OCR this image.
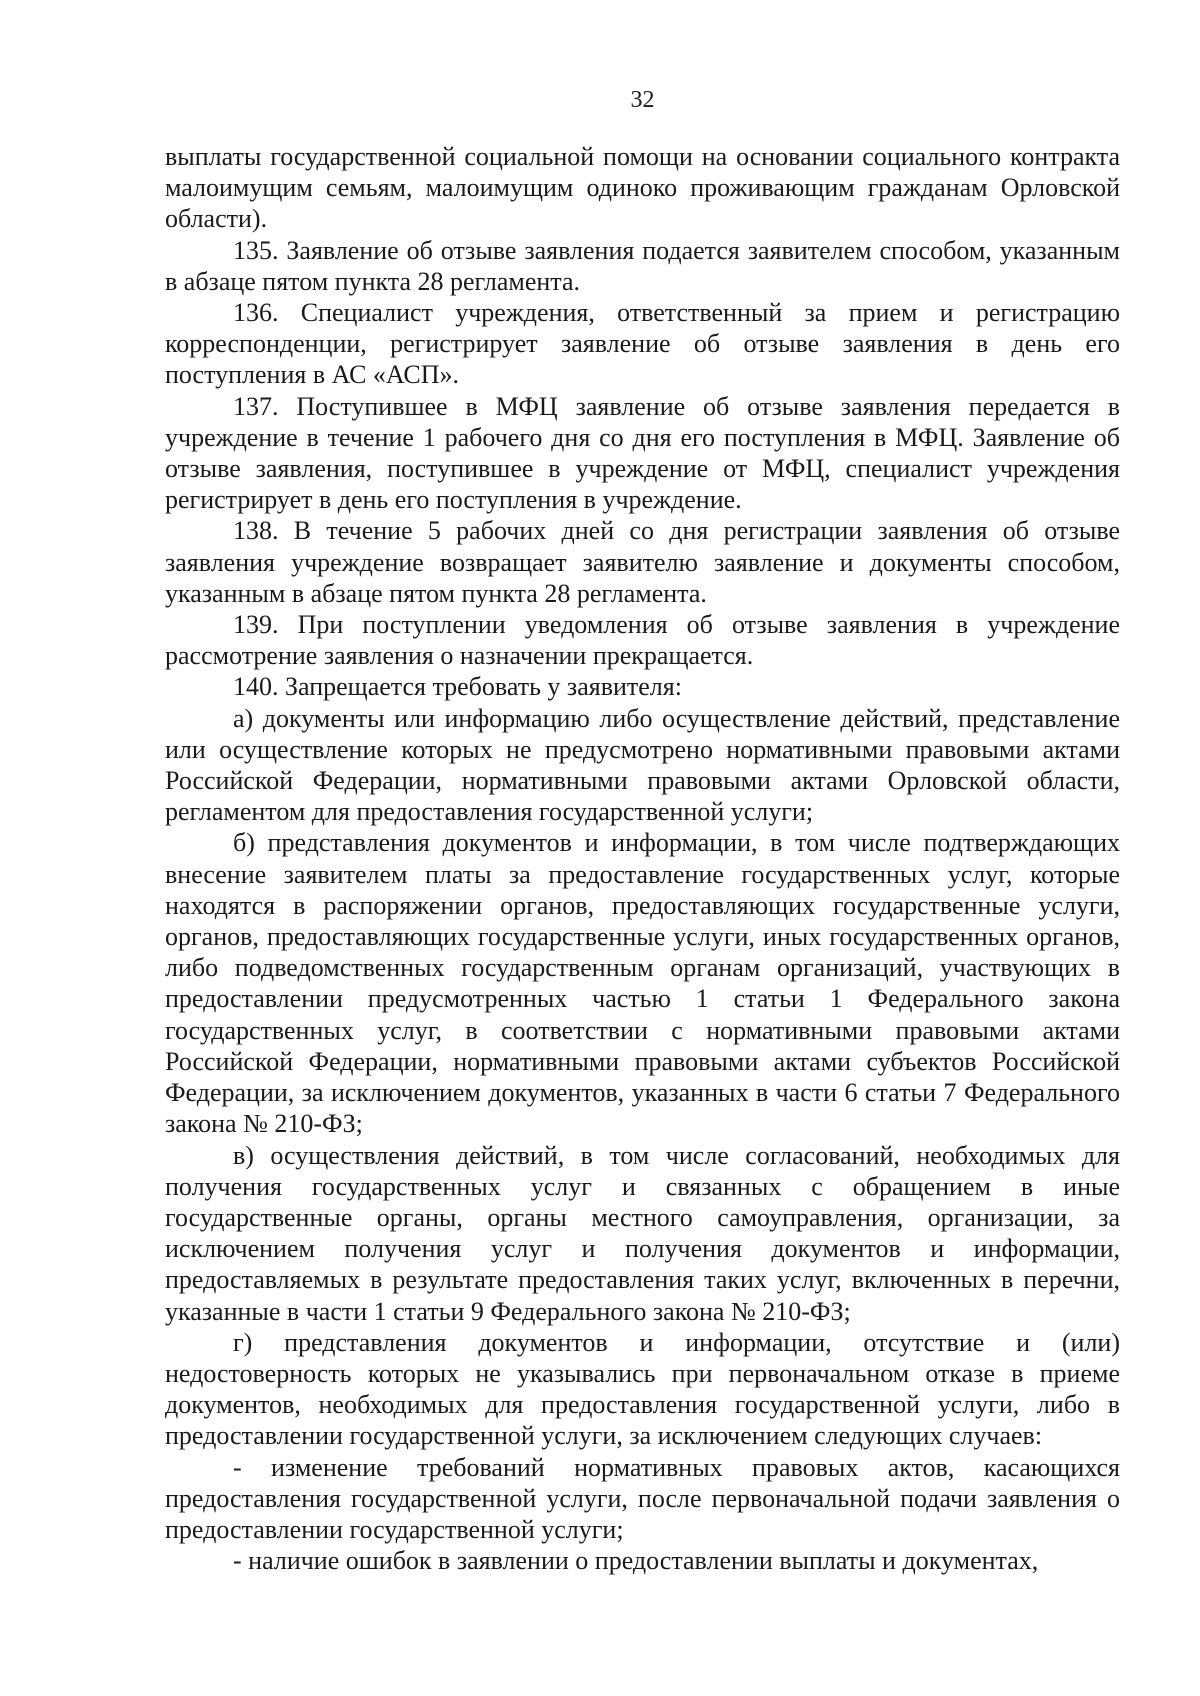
32

выплаты государственной социальной помощи на основании социального контракта малоимущим семьям, малоимущим одиноко проживающим гражданам Орловской области).

135. Заявление об отзыве заявления подается заявителем способом, указанным в абзаце пятом пункта 28 регламента.

136. Специалист учреждения, ответственный за прием и регистрацию корреспонденции, регистрирует заявление об отзыве заявления в день его поступления в АС «АСП».

137. Поступившее в МФЦ заявление об отзыве заявления передается в учреждение в течение 1 рабочего дня со дня его поступления в МФЦ. Заявление об отзыве заявления, поступившее в учреждение от МФЦ, специалист учреждения регистрирует в день его поступления в учреждение.

138. В течение 5 рабочих дней со дня регистрации заявления об отзыве заявления учреждение возвращает заявителю заявление и документы способом, указанным в абзаце пятом пункта 28 регламента.

139. При поступлении уведомления об отзыве заявления в учреждение рассмотрение заявления о назначении прекращается.

140. Запрещается требовать у заявителя:

а) документы или информацию либо осуществление действий, представление или осуществление которых не предусмотрено нормативными правовыми актами Российской Федерации, нормативными правовыми актами Орловской области, регламентом для предоставления государственной услуги;

б) представления документов и информации, в том числе подтверждающих внесение заявителем платы за предоставление государственных услуг, которые находятся в распоряжении органов, предоставляющих государственные услуги, органов, предоставляющих государственные услуги, иных государственных органов, либо подведомственных государственным органам организаций, участвующих в предоставлении предусмотренных частью 1 статьи 1 Федерального закона государственных услуг, в соответствии с нормативными правовыми актами Российской Федерации, нормативными правовыми актами субъектов Российской Федерации, за исключением документов, указанных в части 6 статьи 7 Федерального закона № 210-ФЗ;

в) осуществления действий, в том числе согласований, необходимых для получения государственных услуг и связанных с обращением в иные государственные органы, органы местного самоуправления, организации, за исключением получения услуг и получения документов и информации, предоставляемых в результате предоставления таких услуг, включенных в перечни, указанные в части 1 статьи 9 Федерального закона № 210-ФЗ;

г) представления документов и информации, отсутствие и (или) недостоверность которых не указывались при первоначальном отказе в приеме документов, необходимых для предоставления государственной услуги, либо в предоставлении государственной услуги, за исключением следующих случаев:

- изменение требований нормативных правовых актов, касающихся предоставления государственной услуги, после первоначальной подачи заявления о предоставлении государственной услуги;

- наличие ошибок в заявлении о предоставлении выплаты и документах,
